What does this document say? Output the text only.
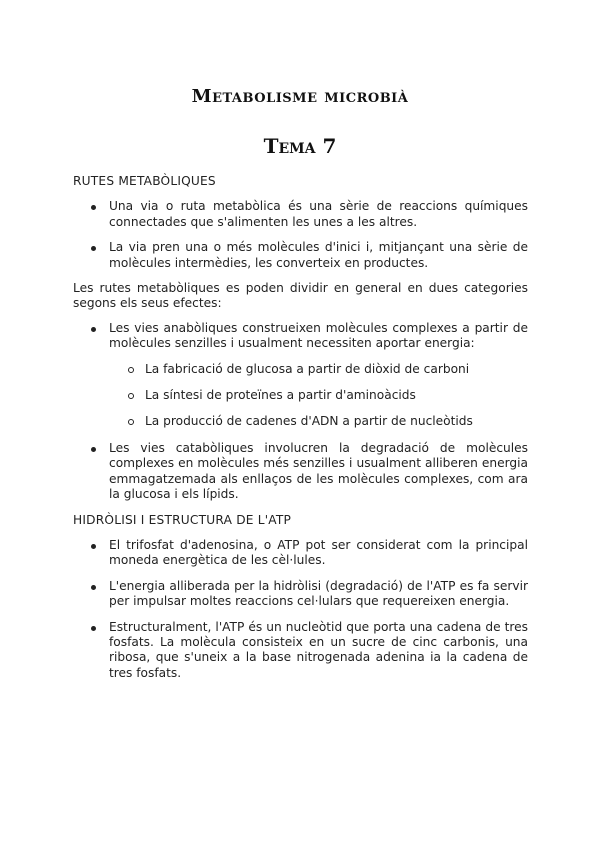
Metabolisme microbià
Tema 7
RUTES METABÒLIQUES
Una via o ruta metabòlica és una sèrie de reaccions químiques connectades que s'alimenten les unes a les altres.
La via pren una o més molècules d'inici i, mitjançant una sèrie de molècules intermèdies, les converteix en productes.

Les rutes metabòliques es poden dividir en general en dues categories segons els seus efectes:

Les vies anabòliques construeixen molècules complexes a partir de molècules senzilles i usualment necessiten aportar energia:
La fabricació de glucosa a partir de diòxid de carboni
La síntesi de proteïnes a partir d'aminoàcids
La producció de cadenes d'ADN a partir de nucleòtids
Les vies catabòliques involucren la degradació de molècules complexes en molècules més senzilles i usualment alliberen energia emmagatzemada als enllaços de les molècules complexes, com ara la glucosa i els lípids.
HIDRÒLISI I ESTRUCTURA DE L'ATP
El trifosfat d'adenosina, o ATP pot ser considerat com la principal moneda energètica de les cèl·lules.
L'energia alliberada per la hidròlisi (degradació) de l'ATP es fa servir per impulsar moltes reaccions cel·lulars que requereixen energia.
Estructuralment, l'ATP és un nucleòtid que porta una cadena de tres fosfats. La molècula consisteix en un sucre de cinc carbonis, una ribosa, que s'uneix a la base nitrogenada adenina ia la cadena de tres fosfats.
